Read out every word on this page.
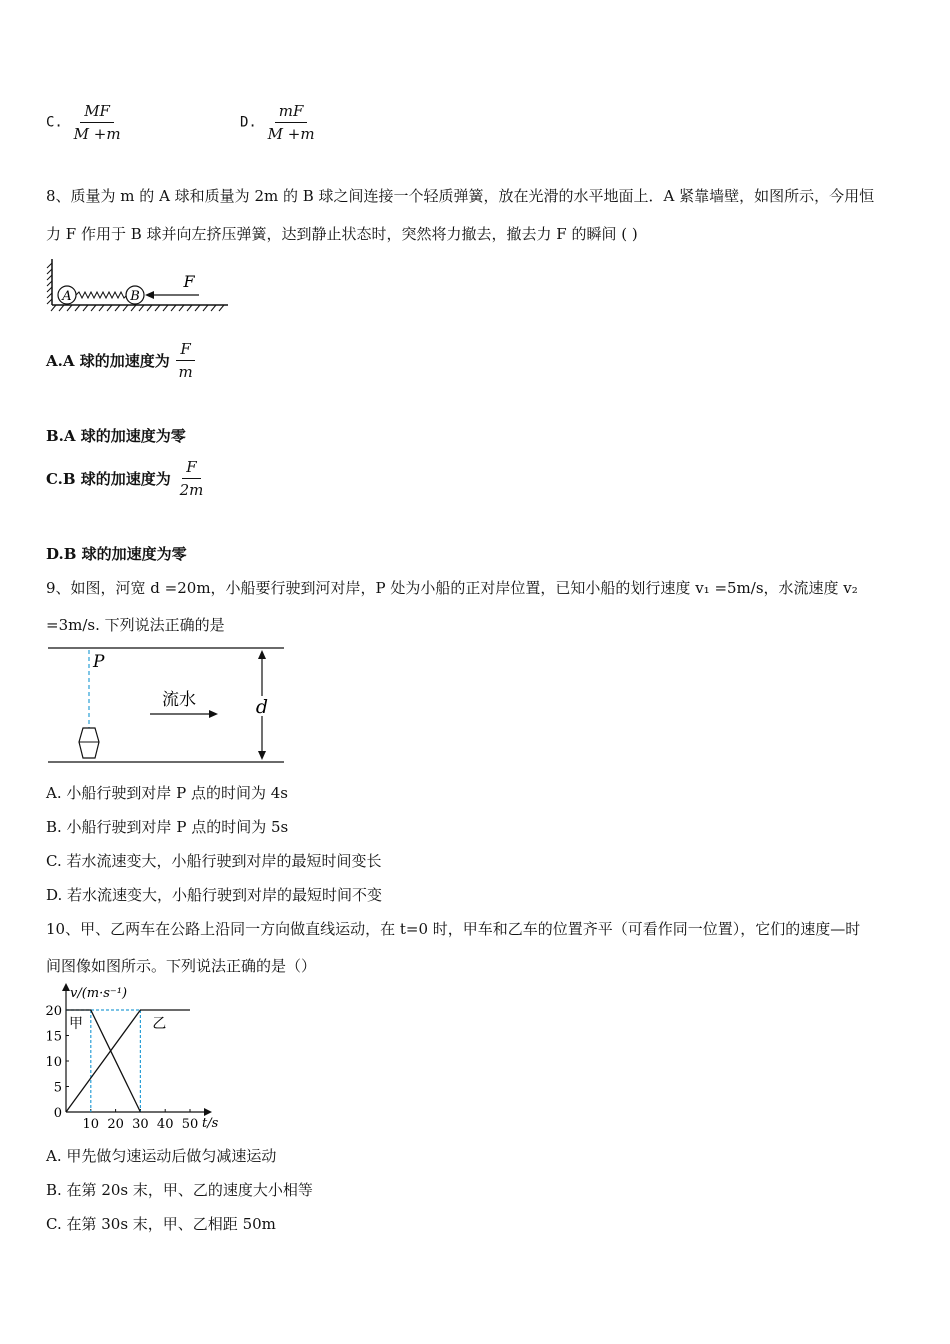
C. $\frac{MF}{M +m}$	D. $\frac{mF}{M +m}$
8、质量为 m 的 A 球和质量为 2m 的 B 球之间连接一个轻质弹簧，放在光滑的水平地面上．A 紧靠墙壁，如图所示，今用恒
力 F 作用于 B 球并向左挤压弹簧，达到静止状态时，突然将力撤去，撤去力 F 的瞬间 ( )
A	B
F
A.A 球的加速度为 $\frac{F}{m}$
B.A 球的加速度为零
C.B 球的加速度为 $\frac{F}{2m}$
D.B 球的加速度为零
9、如图，河宽 d =20m，小船要行驶到河对岸，P 处为小船的正对岸位置，已知小船的划行速度 v₁ =5m/s，水流速度 v₂
=3m/s. 下列说法正确的是
P
流水	d
A. 小船行驶到对岸 P 点的时间为 4s
B. 小船行驶到对岸 P 点的时间为 5s
C. 若水流速变大，小船行驶到对岸的最短时间变长
D. 若水流速变大，小船行驶到对岸的最短时间不变
10、甲、乙两车在公路上沿同一方向做直线运动，在 t=0 时，甲车和乙车的位置齐平（可看作同一位置），它们的速度—时
间图像如图所示。下列说法正确的是（）
0
5
10
15
20
10 20 30 40 50
甲	乙
v/(m·s⁻¹)
t/s
A. 甲先做匀速运动后做匀减速运动
B. 在第 20s 末，甲、乙的速度大小相等
C. 在第 30s 末，甲、乙相距 50m
